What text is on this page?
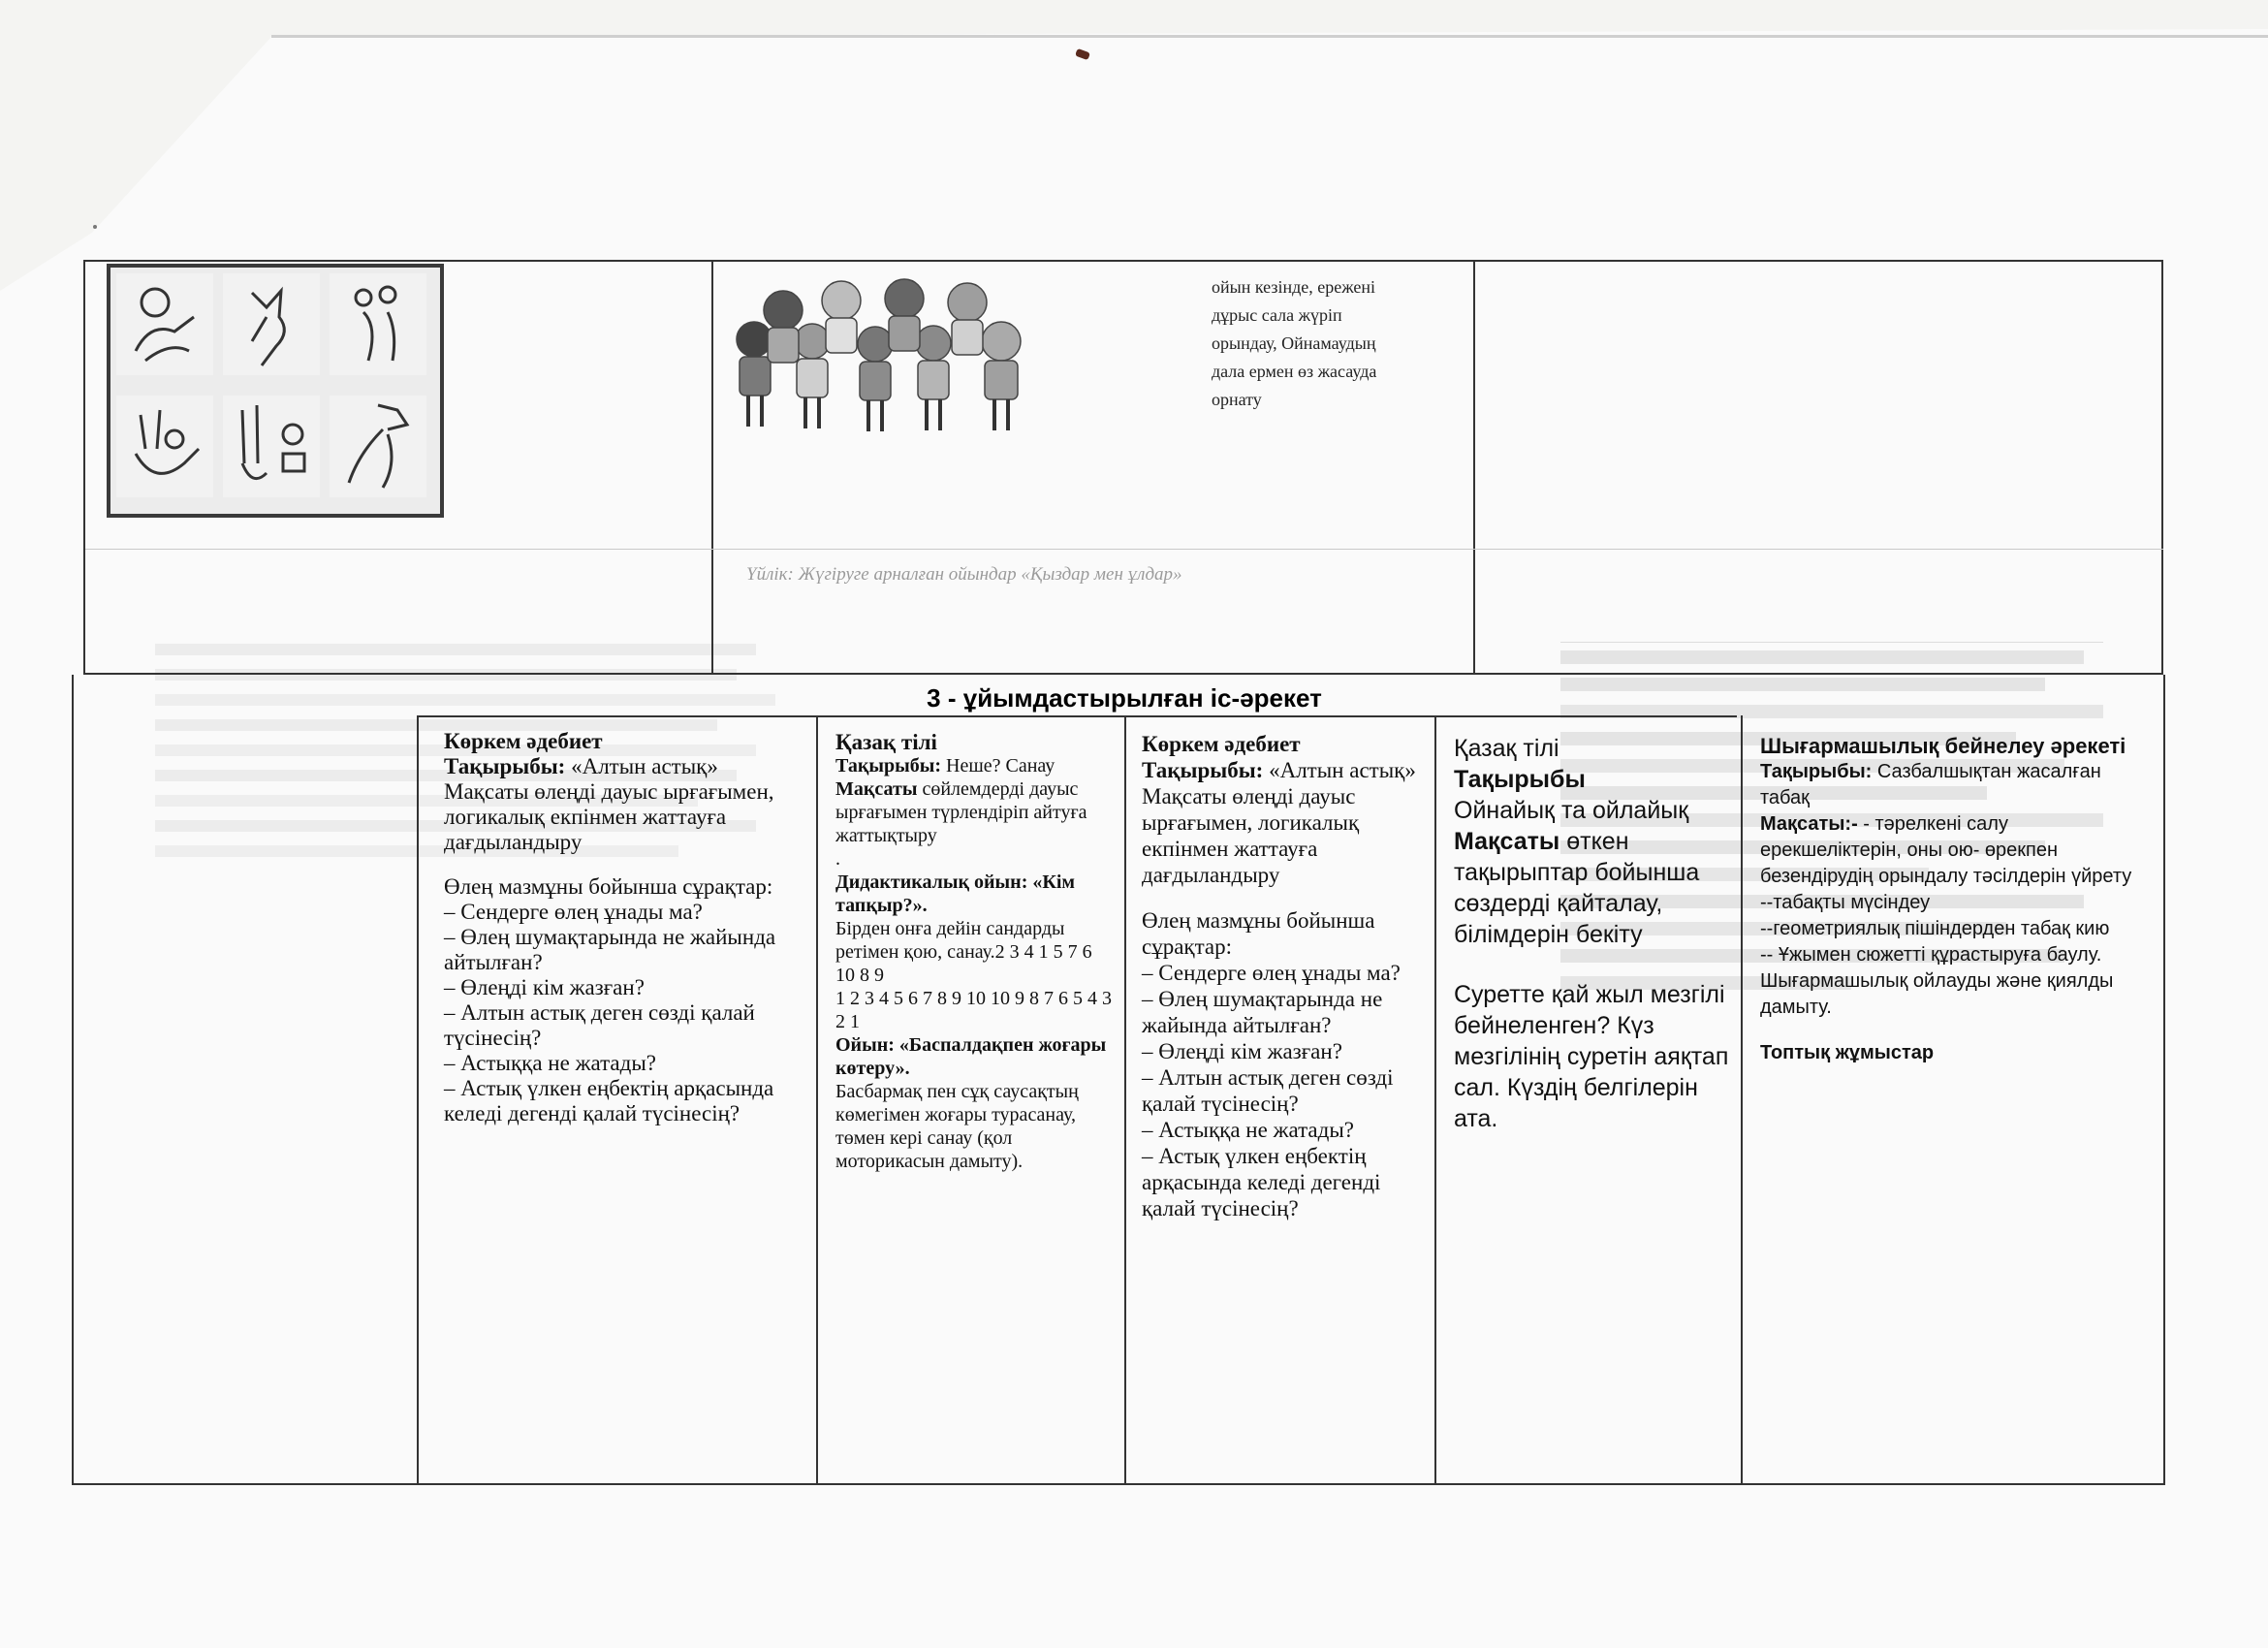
ойын кезінде, ережені
дұрыс сала жүріп
орындау, Ойнамаудың
дала ермен өз жасауда
орнату
Үйлік: Жүгіруге арналған ойындар «Қыздар мен ұлдар»
3 - ұйымдастырылған іс-әрекет

Көркем әдебиет

Тақырыбы: «Алтын астық»

Мақсаты өлеңді дауыс ырғағымен, логикалық екпінмен жаттауға дағдыландыру

Өлең мазмұны бойынша сұрақтар:

– Сендерге өлең ұнады ма?

– Өлең шумақтарында не жайында айтылған?

– Өлеңді кім жазған?

– Алтын астық деген сөзді қалай түсінесің?

– Астыққа не жатады?

– Астық үлкен еңбектің арқасында келеді дегенді қалай түсінесің?

Қазақ тілі

Тақырыбы: Неше? Санау

Мақсаты сөйлемдерді дауыс ырғағымен түрлендіріп айтуға жаттықтыру

.

Дидактикалық ойын: «Кім тапқыр?».

Бірден онға дейін сандарды ретімен қою, санау.2 3 4 1 5 7 6 10 8 9

1 2 3 4 5 6 7 8 9 10 10 9 8 7 6 5 4 3 2 1

Ойын: «Баспалдақпен жоғары көтеру».

Басбармақ пен сұқ саусақтың көмегімен жоғары турасанау, төмен кері санау (қол моторикасын дамыту).

Көркем әдебиет

Тақырыбы: «Алтын астық»

Мақсаты өлеңді дауыс ырғағымен, логикалық екпінмен жаттауға дағдыландыру

Өлең мазмұны бойынша сұрақтар:

– Сендерге өлең ұнады ма?

– Өлең шумақтарында не жайында айтылған?

– Өлеңді кім жазған?

– Алтын астық деген сөзді қалай түсінесің?

– Астыққа не жатады?

– Астық үлкен еңбектің арқасында келеді дегенді қалай түсінесің?

Қазақ тілі

Тақырыбы

Ойнайық та ойлайық

Мақсаты өткен тақырыптар бойынша сөздерді қайталау, білімдерін бекіту

Суретте қай жыл мезгілі бейнеленген? Күз мезгілінің суретін аяқтап сал. Күздің белгілерін ата.

Шығармашылық бейнелеу әрекеті

Тақырыбы: Сазбалшықтан жасалған табақ

Мақсаты:- - тәрелкені салу ерекшеліктерін, оны ою- өрекпен безендірудің орындалу тәсілдерін үйрету

--табақты мүсіндеу

--геометриялық пішіндерден табақ кию

-- Ұжымен сюжетті құрастыруға баулу. Шығармашылық ойлауды және қиялды дамыту.

Топтық жұмыстар
